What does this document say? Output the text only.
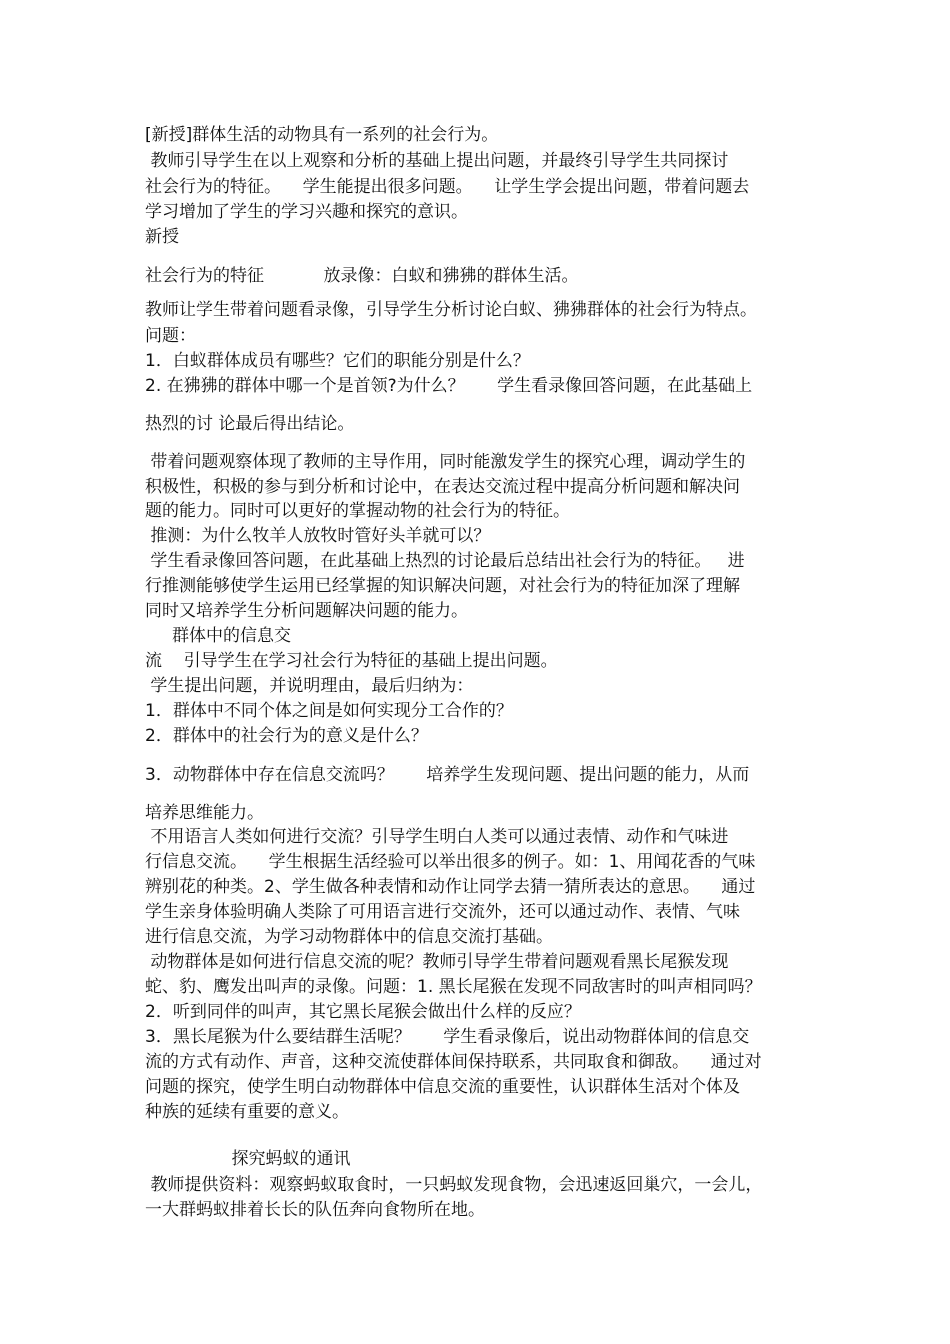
[新授]群体生活的动物具有一系列的社会行为。

教师引导学生在以上观察和分析的基础上提出问题，并最终引导学生共同探讨

社会行为的特征。    学生能提出很多问题。    让学生学会提出问题，带着问题去

学习增加了学生的学习兴趣和探究的意识。

新授

社会行为的特征           放录像：白蚁和狒狒的群体生活。

教师让学生带着问题看录像，引导学生分析讨论白蚁、狒狒群体的社会行为特点。

问题：

1．白蚁群体成员有哪些？它们的职能分别是什么？

2. 在狒狒的群体中哪一个是首领?为什么？      学生看录像回答问题，在此基础上

热烈的讨 论最后得出结论。

带着问题观察体现了教师的主导作用，同时能激发学生的探究心理，调动学生的

积极性，积极的参与到分析和讨论中，在表达交流过程中提高分析问题和解决问

题的能力。同时可以更好的掌握动物的社会行为的特征。

推测：为什么牧羊人放牧时管好头羊就可以？

学生看录像回答问题，在此基础上热烈的讨论最后总结出社会行为的特征。   进

行推测能够使学生运用已经掌握的知识解决问题，对社会行为的特征加深了理解

同时又培养学生分析问题解决问题的能力。

群体中的信息交

流    引导学生在学习社会行为特征的基础上提出问题。

学生提出问题，并说明理由，最后归纳为：

1．群体中不同个体之间是如何实现分工合作的？

2．群体中的社会行为的意义是什么？

3．动物群体中存在信息交流吗？      培养学生发现问题、提出问题的能力，从而

培养思维能力。

不用语言人类如何进行交流？引导学生明白人类可以通过表情、动作和气味进

行信息交流。    学生根据生活经验可以举出很多的例子。如：1、用闻花香的气味

辨别花的种类。2、学生做各种表情和动作让同学去猜一猜所表达的意思。    通过

学生亲身体验明确人类除了可用语言进行交流外，还可以通过动作、表情、气味

进行信息交流，为学习动物群体中的信息交流打基础。

动物群体是如何进行信息交流的呢？教师引导学生带着问题观看黑长尾猴发现

蛇、豹、鹰发出叫声的录像。问题：1. 黑长尾猴在发现不同敌害时的叫声相同吗？

2．听到同伴的叫声，其它黑长尾猴会做出什么样的反应？

3．黑长尾猴为什么要结群生活呢？      学生看录像后，说出动物群体间的信息交

流的方式有动作、声音，这种交流使群体间保持联系，共同取食和御敌。    通过对

问题的探究，使学生明白动物群体中信息交流的重要性，认识群体生活对个体及

种族的延续有重要的意义。

探究蚂蚁的通讯

教师提供资料：观察蚂蚁取食时，一只蚂蚁发现食物，会迅速返回巢穴，一会儿，

一大群蚂蚁排着长长的队伍奔向食物所在地。
